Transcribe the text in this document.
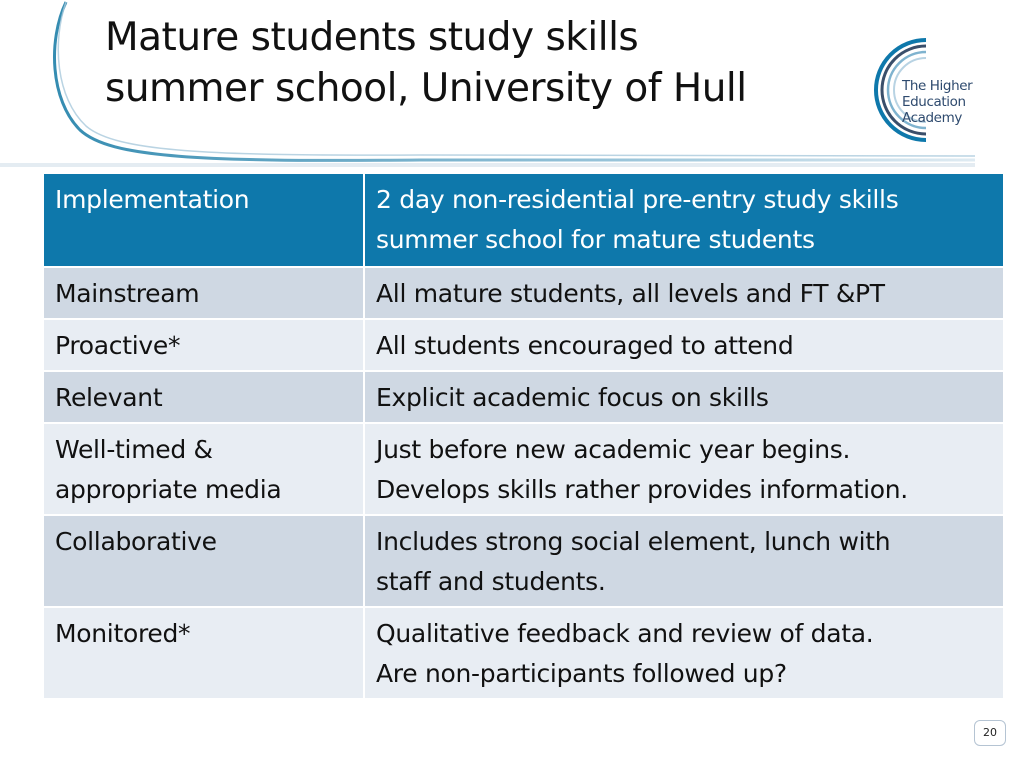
Mature students study skills
summer school, University of Hull	The Higher
Education
Academy
Implementation	2 day non-residential pre-entry study skills
summer school for mature students

Mainstream	All mature students, all levels and FT &PT
Proactive*	All students encouraged to attend
Relevant	Explicit academic focus on skills

Well-timed &
appropriate media	Just before new academic year begins.
Develops skills rather provides information.

Collaborative	Includes strong social element, lunch with
staff and students.

Monitored*	Qualitative feedback and review of data.
Are non-participants followed up?
20
